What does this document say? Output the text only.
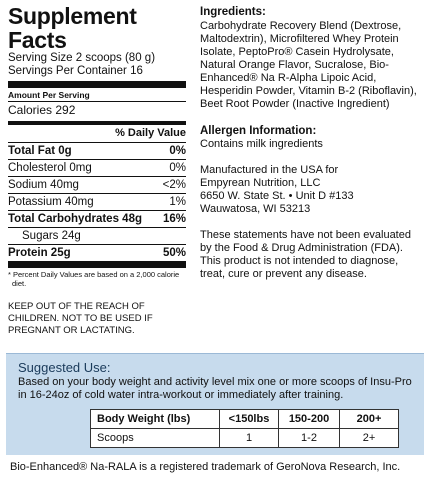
Supplement Facts
Serving Size 2 scoops (80 g)
Servings Per Container 16
Amount Per Serving
Calories 292
% Daily Value
Total Fat 0g	0%
Cholesterol 0mg	0%
Sodium 40mg	<2%
Potassium 40mg	1%
Total Carbohydrates 48g 16%
Sugars 24g
Protein 25g	50%
* Percent Daily Values are based on a 2,000 calorie diet.
KEEP OUT OF THE REACH OF CHILDREN. NOT TO BE USED IF PREGNANT OR LACTATING.
Ingredients:

Carbohydrate Recovery Blend (Dextrose, Maltodextrin), Microfiltered Whey Protein Isolate, PeptoPro® Casein Hydrolysate, Natural Orange Flavor, Sucralose, Bio-Enhanced® Na R-Alpha Lipoic Acid, Hesperidin Powder, Vitamin B-2 (Riboflavin), Beet Root Powder (Inactive Ingredient)

Allergen Information:
Contains milk ingredients
Manufactured in the USA for
Empyrean Nutrition, LLC
6650 W. State St. • Unit D #133
Wauwatosa, WI 53213
These statements have not been evaluated by the Food & Drug Administration (FDA). This product is not intended to diagnose, treat, cure or prevent any disease.
Suggested Use:
Based on your body weight and activity level mix one or more scoops of Insu-Pro in 16-24oz of cold water intra-workout or immediately after training.
Body Weight (lbs)	<150lbs	150-200	200+
Scoops	1	1-2	2+
Bio-Enhanced® Na-RALA is a registered trademark of GeroNova Research, Inc.
